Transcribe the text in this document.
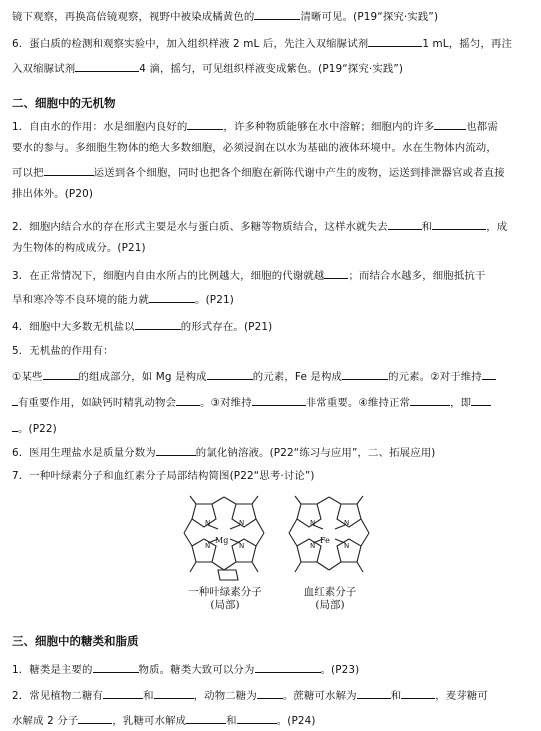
镜下观察，再换高倍镜观察，视野中被染成橘黄色的	清晰可见。(P19“探究·实践”)
6．蛋白质的检测和观察实验中，加入组织样液 2 mL 后，先注入双缩脲试剂	1 mL，摇匀，再注
入双缩脲试剂	4 滴，摇匀，可见组织样液变成紫色。(P19“探究·实践”)
二、细胞中的无机物
1．自由水的作用：水是细胞内良好的	，许多种物质能够在水中溶解；细胞内的许多	也都需
要水的参与。多细胞生物体的绝大多数细胞，必须浸润在以水为基础的液体环境中。水在生物体内流动，
可以把	运送到各个细胞，同时也把各个细胞在新陈代谢中产生的废物，运送到排泄器官或者直接
排出体外。(P20)
2．细胞内结合水的存在形式主要是水与蛋白质、多糖等物质结合，这样水就失去	和	，成
为生物体的构成成分。(P21)
3．在正常情况下，细胞内自由水所占的比例越大，细胞的代谢就越 ；而结合水越多，细胞抵抗干
旱和寒冷等不良环境的能力就	。(P21)
4．细胞中大多数无机盐以	的形式存在。(P21)
5．无机盐的作用有：
①某些	的组成部分，如 Mg 是构成	的元素，Fe 是构成	的元素。②对于维持
有重要作用，如缺钙时精乳动物会 。③对维持	非常重要。④维持正常	，即
。(P22)
6．医用生理盐水是质量分数为	的氯化钠溶液。(P22“练习与应用”，二、拓展应用)
7．一种叶绿素分子和血红素分子局部结构简图(P22“思考·讨论”)
N	N
N	N
Mg
一种叶绿素分子
(局部)
N	N
N	N
Fe
血红素分子
(局部)
三、细胞中的糖类和脂质
1．糖类是主要的	物质。糖类大致可以分为	。(P23)
2．常见植物二糖有	和	，动物二糖为	。蔗糖可水解为	和	，麦芽糖可
水解成 2 分子	，乳糖可水解成	和	。(P24)
